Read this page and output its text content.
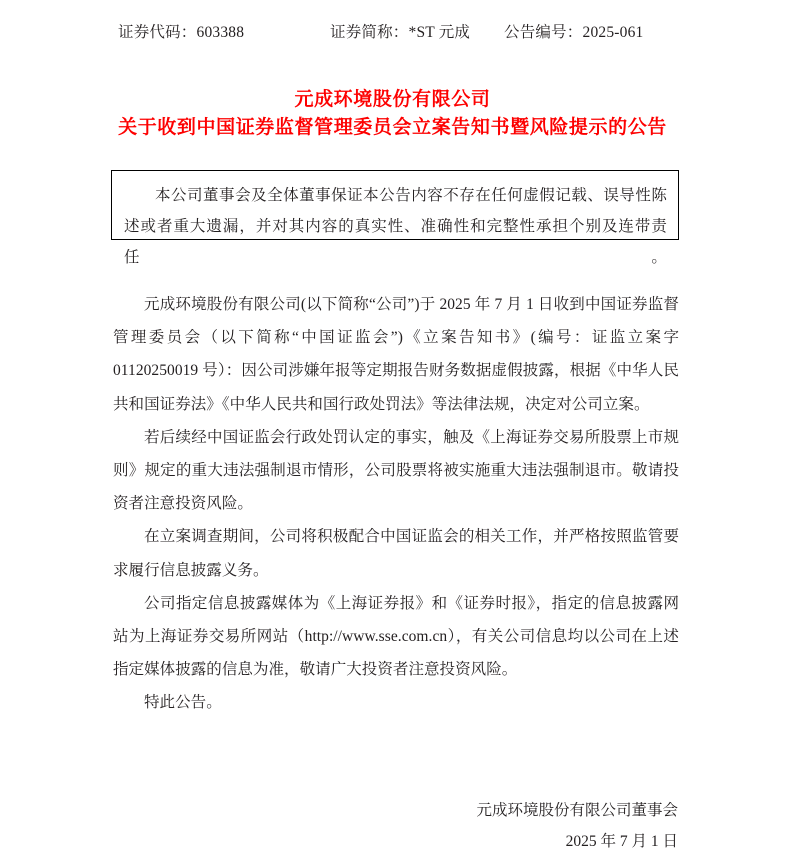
证券代码：603388	证券简称：*ST 元成	公告编号：2025-061
元成环境股份有限公司
关于收到中国证券监督管理委员会立案告知书暨风险提示的公告
本公司董事会及全体董事保证本公告内容不存在任何虚假记载、误导性陈述或者重大遗漏，并对其内容的真实性、准确性和完整性承担个别及连带责任。

元成环境股份有限公司(以下简称“公司”)于 2025 年 7 月 1 日收到中国证券监督管理委员会（以下简称“中国证监会”)《立案告知书》(编号：证监立案字 01120250019 号）：因公司涉嫌年报等定期报告财务数据虚假披露，根据《中华人民共和国证券法》《中华人民共和国行政处罚法》等法律法规，决定对公司立案。

若后续经中国证监会行政处罚认定的事实，触及《上海证券交易所股票上市规则》规定的重大违法强制退市情形，公司股票将被实施重大违法强制退市。敬请投资者注意投资风险。

在立案调查期间，公司将积极配合中国证监会的相关工作，并严格按照监管要求履行信息披露义务。

公司指定信息披露媒体为《上海证券报》和《证券时报》，指定的信息披露网站为上海证券交易所网站（http://www.sse.com.cn），有关公司信息均以公司在上述指定媒体披露的信息为准，敬请广大投资者注意投资风险。

特此公告。

元成环境股份有限公司董事会
2025 年 7 月 1 日
